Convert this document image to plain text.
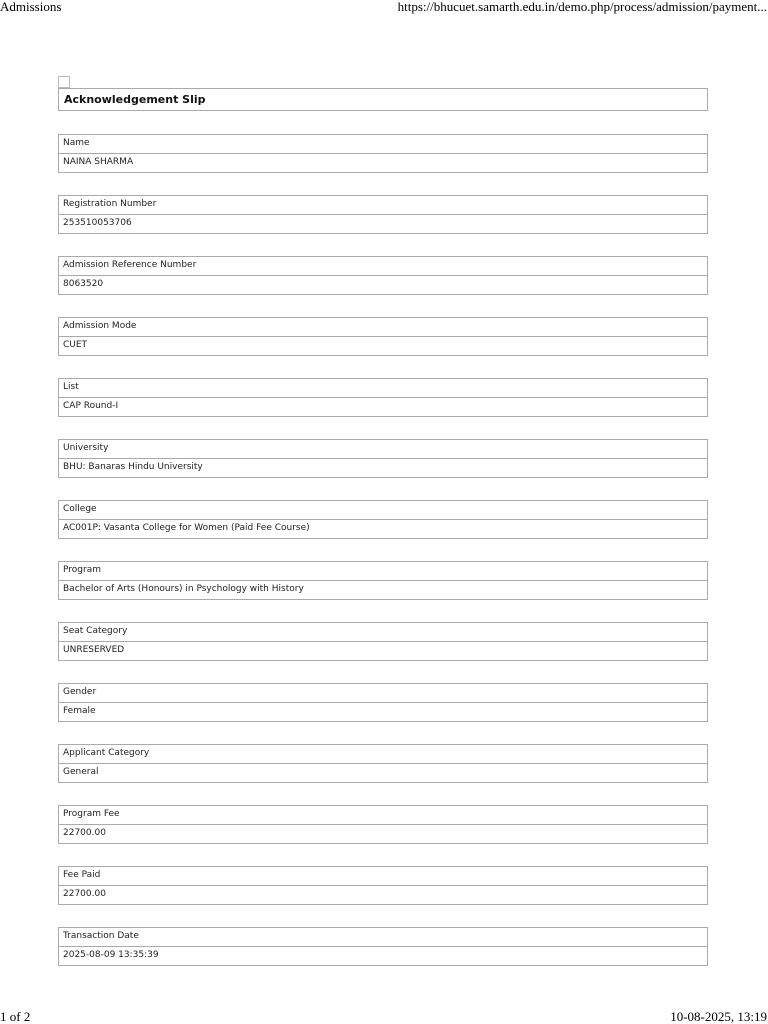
Admissions	https://bhucuet.samarth.edu.in/demo.php/process/admission/payment...
Acknowledgement Slip
Name
NAINA SHARMA
Registration Number
253510053706
Admission Reference Number
8063520
Admission Mode
CUET
List
CAP Round-I
University
BHU: Banaras Hindu University
College
AC001P: Vasanta College for Women (Paid Fee Course)
Program
Bachelor of Arts (Honours) in Psychology with History
Seat Category
UNRESERVED
Gender
Female
Applicant Category
General
Program Fee
22700.00
Fee Paid
22700.00
Transaction Date
2025-08-09 13:35:39
1 of 2	10-08-2025, 13:19
